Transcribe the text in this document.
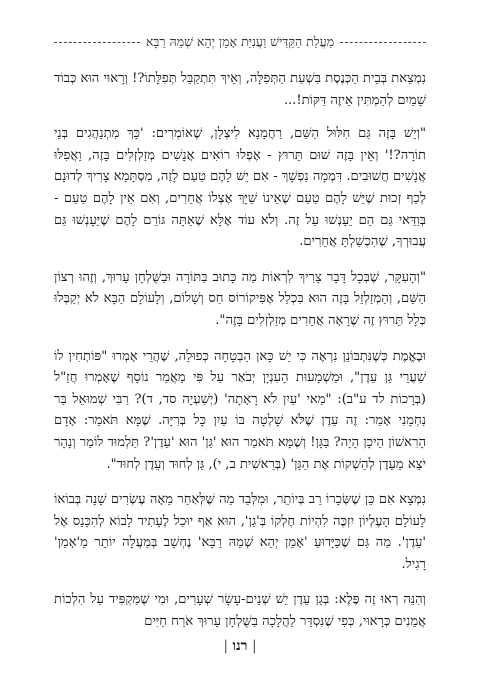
מַעֲלַת הַקַּדִּישׁ וַעֲנִיַּת אָמֵן יְהֵא שְׁמֵהּ רַבָּא

נִמְצֵאת בְּבֵית הַכְּנֶסֶת בִּשְׁעַת הַתְּפִלָּה, וְאֵיךְ תִּתְקַבֵּל תְּפִלָּתוֹ?! וְרָאוּי הוּא כְּבוֹד שָׁמַיִם לְהַמְתִּין אֵיזֶה דַּקּוֹת!...

"וְיֵשׁ בָּזֶה גַּם חִלּוּל הַשֵּׁם, רַחֲמָנָא לִיצְלָן, שֶׁאוֹמְרִים: 'כָּךְ מִתְנַהֲגִים בְּנֵי תוֹרָה?!' וְאֵין בָּזֶה שׁוּם תֵּרוּץ - אֶפְלוּ רוֹאִים אֲנָשִׁים מְזַלְזְלִים בָּזֶה, וַאֲפִלּוּ אֲנָשִׁים חֲשׁוּבִים. דִּמְמָה נַפְשָׁךְ - אִם יֵשׁ לָהֶם טַעַם לָזֶה, מִסְתָּמָא צָרִיךְ לְדוּנָם לְכַף זְכוּת שֶׁיֵּשׁ לָהֶם טַעַם שֶׁאֵינוֹ שַׁיָּךְ אֶצְלוֹ אֲחֵרִים, וְאִם אֵין לָהֶם טַעַם - בְּוַדַּאי גַּם הֵם יֵעָנְשׁוּ עַל זֶה. וְלֹא עוֹד אֶלָּא שֶׁאַתָּה גּוֹרֵם לָהֶם שֶׁיֵּעָנְשׁוּ גַּם עֲבוּרְךָ, שֶׁהִכְשַׁלְתָּ אֲחֵרִים.

"וְהָעִקָּר, שֶׁבְּכָל דָּבָר צָרִיךְ לִרְאוֹת מַה כָּתוּב בַּתּוֹרָה וּבַשֻּׁלְחָן עָרוּךְ, וְזֶהוּ רְצוֹן הַשֵּׁם, וְהַמְזַלְזֵל בָּזֶה הוּא בִּכְלַל אֶפִּיקוֹרוֹס חַס וְשָׁלוֹם, וְלָעוֹלָם הַבָּא לֹא יְקַבְּלוּ כְּלָל תֵּרוּץ זֶה שֶׁרָאָה אֲחֵרִים מְזַלְזְלִים בָּזֶה".

וּבֶאֱמֶת כְּשֶׁנִּתְבּוֹנֵן נִרְאֶה כִּי יֵשׁ כָּאן הַבְטָחָה כְּפוּלָה, שֶׁהֲרֵי אָמְרוּ "פּוֹתְחִין לוֹ שַׁעֲרֵי גַּן עֵדֶן", וּמַשְׁמָעוּת הָעִנְיָן יְבֹאַר עַל פִּי מַאֲמַר נוֹסָף שֶׁאָמְרוּ חֲזַ"ל (בְּרָכוֹת לד ע"ב): "מַאי 'עַיִן לֹא רָאָתָה' (יְשַׁעְיָה סד, ד)? רַבִּי שְׁמוּאֵל בַּר נַחְמָנִי אָמַר: זֶה עֵדֶן שֶׁלֹּא שָׁלְטָה בּוֹ עַיִן כָּל בְּרִיָּה. שֶׁמָּא תֹּאמַר: אָדָם הָרִאשׁוֹן הֵיכָן הָיָה? בַּגָּן! וְשֶׁמָּא תֹּאמַר הוּא 'גַּן' הוּא 'עֵדֶן'? תַּלְמוּד לוֹמַר וְנָהָר יֹצֵא מֵעֵדֶן לְהַשְׁקוֹת אֶת הַגָּן' (בְּרֵאשִׁית ב, י), גַּן לְחוּד וְעֵדֶן לְחוּד".

נִמְצָא אִם כֵּן שֶׁשְּׂכָרוֹ רַב בְּיוֹתֵר, וּמִלְּבַד מַה שֶּׁלְּאַחַר מֵאָה עֶשְׂרִים שָׁנָה בְּבוֹאוֹ לָעוֹלָם הָעֶלְיוֹן יִזְכֶּה לִהְיוֹת חֶלְקוֹ בְּ'גַן', הוּא אַף יוּכַל לֶעָתִיד לָבוֹא לְהִכָּנֵס אֶל 'עֵדֶן'. מַה גַּם שֶׁכַּיָּדוּעַ 'אָמֵן יְהֵא שְׁמֵהּ רַבָּא' נֶחְשָׁב בְּמַעֲלָה יוֹתֵר מֵ'אָמֵן' רָגִיל.

וְהִנֵּה רְאוּ זֶה פֶּלֶא: בְּגַן עֵדֶן יֵשׁ שְׁנֵים-עָשָׂר שְׁעָרִים, וּמִי שֶׁמַּקְפִּיד עַל הִלְכוֹת אֲמֵנִים כְּרָאוּי, כְּפִי שֶׁנִּסְדַּר לַהֲלָכָה בַּשֻּׁלְחָן עָרוּךְ אֹרַח חַיִּים

| רנו |
